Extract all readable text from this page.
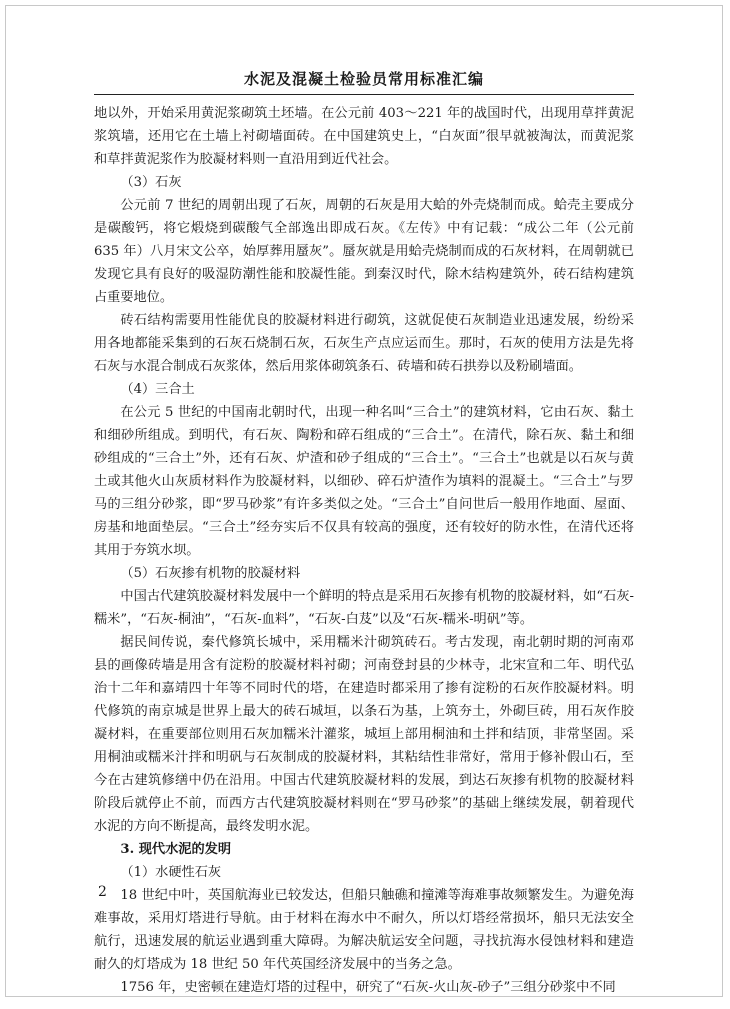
水泥及混凝土检验员常用标准汇编

地以外，开始采用黄泥浆砌筑土坯墙。在公元前 403～221 年的战国时代，出现用草拌黄泥浆筑墙，还用它在土墙上衬砌墙面砖。在中国建筑史上，“白灰面”很早就被淘汰，而黄泥浆和草拌黄泥浆作为胶凝材料则一直沿用到近代社会。

（3）石灰

公元前 7 世纪的周朝出现了石灰，周朝的石灰是用大蛤的外壳烧制而成。蛤壳主要成分是碳酸钙，将它煅烧到碳酸气全部逸出即成石灰。《左传》中有记载：“成公二年（公元前 635 年）八月宋文公卒，始厚葬用蜃灰”。蜃灰就是用蛤壳烧制而成的石灰材料，在周朝就已发现它具有良好的吸湿防潮性能和胶凝性能。到秦汉时代，除木结构建筑外，砖石结构建筑占重要地位。

砖石结构需要用性能优良的胶凝材料进行砌筑，这就促使石灰制造业迅速发展，纷纷采用各地都能采集到的石灰石烧制石灰，石灰生产点应运而生。那时，石灰的使用方法是先将石灰与水混合制成石灰浆体，然后用浆体砌筑条石、砖墙和砖石拱券以及粉刷墙面。

（4）三合土

在公元 5 世纪的中国南北朝时代，出现一种名叫“三合土”的建筑材料，它由石灰、黏土和细砂所组成。到明代，有石灰、陶粉和碎石组成的“三合土”。在清代，除石灰、黏土和细砂组成的“三合土”外，还有石灰、炉渣和砂子组成的“三合土”。“三合土”也就是以石灰与黄土或其他火山灰质材料作为胶凝材料，以细砂、碎石炉渣作为填料的混凝土。“三合土”与罗马的三组分砂浆，即“罗马砂浆”有许多类似之处。“三合土”自问世后一般用作地面、屋面、房基和地面垫层。“三合土”经夯实后不仅具有较高的强度，还有较好的防水性，在清代还将其用于夯筑水坝。

（5）石灰掺有机物的胶凝材料

中国古代建筑胶凝材料发展中一个鲜明的特点是采用石灰掺有机物的胶凝材料，如“石灰-糯米”，“石灰-桐油”，“石灰-血料”，“石灰-白芨”以及“石灰-糯米-明矾”等。

据民间传说，秦代修筑长城中，采用糯米汁砌筑砖石。考古发现，南北朝时期的河南邓县的画像砖墙是用含有淀粉的胶凝材料衬砌；河南登封县的少林寺，北宋宣和二年、明代弘治十二年和嘉靖四十年等不同时代的塔，在建造时都采用了掺有淀粉的石灰作胶凝材料。明代修筑的南京城是世界上最大的砖石城垣，以条石为基，上筑夯土，外砌巨砖，用石灰作胶凝材料，在重要部位则用石灰加糯米汁灌浆，城垣上部用桐油和土拌和结顶，非常坚固。采用桐油或糯米汁拌和明矾与石灰制成的胶凝材料，其粘结性非常好，常用于修补假山石，至今在古建筑修缮中仍在沿用。中国古代建筑胶凝材料的发展，到达石灰掺有机物的胶凝材料阶段后就停止不前，而西方古代建筑胶凝材料则在“罗马砂浆”的基础上继续发展，朝着现代水泥的方向不断提高，最终发明水泥。

3. 现代水泥的发明

（1）水硬性石灰

18 世纪中叶，英国航海业已较发达，但船只触礁和撞滩等海难事故频繁发生。为避免海难事故，采用灯塔进行导航。由于材料在海水中不耐久，所以灯塔经常损坏，船只无法安全航行，迅速发展的航运业遇到重大障碍。为解决航运安全问题，寻找抗海水侵蚀材料和建造耐久的灯塔成为 18 世纪 50 年代英国经济发展中的当务之急。

1756 年，史密顿在建造灯塔的过程中，研究了“石灰-火山灰-砂子”三组分砂浆中不同

2
